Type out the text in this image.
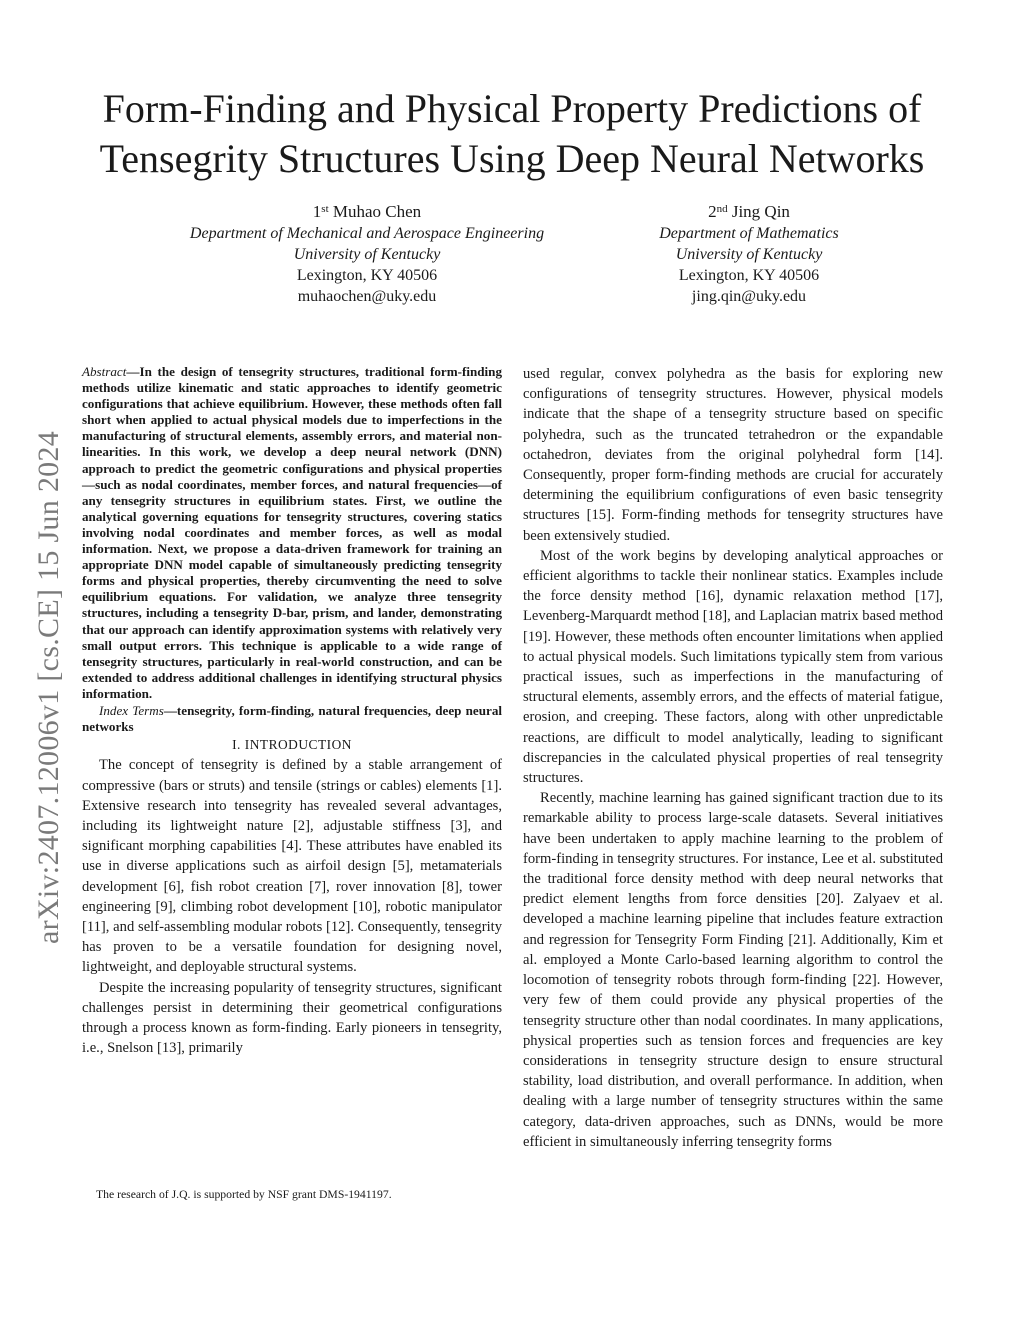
Form-Finding and Physical Property Predictions of Tensegrity Structures Using Deep Neural Networks
1st Muhao Chen
Department of Mechanical and Aerospace Engineering
University of Kentucky
Lexington, KY 40506
muhaochen@uky.edu
2nd Jing Qin
Department of Mathematics
University of Kentucky
Lexington, KY 40506
jing.qin@uky.edu
arXiv:2407.12006v1 [cs.CE] 15 Jun 2024

Abstract—In the design of tensegrity structures, traditional form-finding methods utilize kinematic and static approaches to identify geometric configurations that achieve equilibrium. However, these methods often fall short when applied to actual physical models due to imperfections in the manufacturing of structural elements, assembly errors, and material non-linearities. In this work, we develop a deep neural network (DNN) approach to predict the geometric configurations and physical properties—such as nodal coordinates, member forces, and natural frequencies—of any tensegrity structures in equilibrium states. First, we outline the analytical governing equations for tensegrity structures, covering statics involving nodal coordinates and member forces, as well as modal information. Next, we propose a data-driven framework for training an appropriate DNN model capable of simultaneously predicting tensegrity forms and physical properties, thereby circumventing the need to solve equilibrium equations. For validation, we analyze three tensegrity structures, including a tensegrity D-bar, prism, and lander, demonstrating that our approach can identify approximation systems with relatively very small output errors. This technique is applicable to a wide range of tensegrity structures, particularly in real-world construction, and can be extended to address additional challenges in identifying structural physics information.

Index Terms—tensegrity, form-finding, natural frequencies, deep neural networks

I. INTRODUCTION

The concept of tensegrity is defined by a stable arrangement of compressive (bars or struts) and tensile (strings or cables) elements [1]. Extensive research into tensegrity has revealed several advantages, including its lightweight nature [2], adjustable stiffness [3], and significant morphing capabilities [4]. These attributes have enabled its use in diverse applications such as airfoil design [5], metamaterials development [6], fish robot creation [7], rover innovation [8], tower engineering [9], climbing robot development [10], robotic manipulator [11], and self-assembling modular robots [12]. Consequently, tensegrity has proven to be a versatile foundation for designing novel, lightweight, and deployable structural systems.

Despite the increasing popularity of tensegrity structures, significant challenges persist in determining their geometrical configurations through a process known as form-finding. Early pioneers in tensegrity, i.e., Snelson [13], primarily

The research of J.Q. is supported by NSF grant DMS-1941197.

used regular, convex polyhedra as the basis for exploring new configurations of tensegrity structures. However, physical models indicate that the shape of a tensegrity structure based on specific polyhedra, such as the truncated tetrahedron or the expandable octahedron, deviates from the original polyhedral form [14]. Consequently, proper form-finding methods are crucial for accurately determining the equilibrium configurations of even basic tensegrity structures [15]. Form-finding methods for tensegrity structures have been extensively studied.

Most of the work begins by developing analytical approaches or efficient algorithms to tackle their nonlinear statics. Examples include the force density method [16], dynamic relaxation method [17], Levenberg-Marquardt method [18], and Laplacian matrix based method [19]. However, these methods often encounter limitations when applied to actual physical models. Such limitations typically stem from various practical issues, such as imperfections in the manufacturing of structural elements, assembly errors, and the effects of material fatigue, erosion, and creeping. These factors, along with other unpredictable reactions, are difficult to model analytically, leading to significant discrepancies in the calculated physical properties of real tensegrity structures.

Recently, machine learning has gained significant traction due to its remarkable ability to process large-scale datasets. Several initiatives have been undertaken to apply machine learning to the problem of form-finding in tensegrity structures. For instance, Lee et al. substituted the traditional force density method with deep neural networks that predict element lengths from force densities [20]. Zalyaev et al. developed a machine learning pipeline that includes feature extraction and regression for Tensegrity Form Finding [21]. Additionally, Kim et al. employed a Monte Carlo-based learning algorithm to control the locomotion of tensegrity robots through form-finding [22]. However, very few of them could provide any physical properties of the tensegrity structure other than nodal coordinates. In many applications, physical properties such as tension forces and frequencies are key considerations in tensegrity structure design to ensure structural stability, load distribution, and overall performance. In addition, when dealing with a large number of tensegrity structures within the same category, data-driven approaches, such as DNNs, would be more efficient in simultaneously inferring tensegrity forms
